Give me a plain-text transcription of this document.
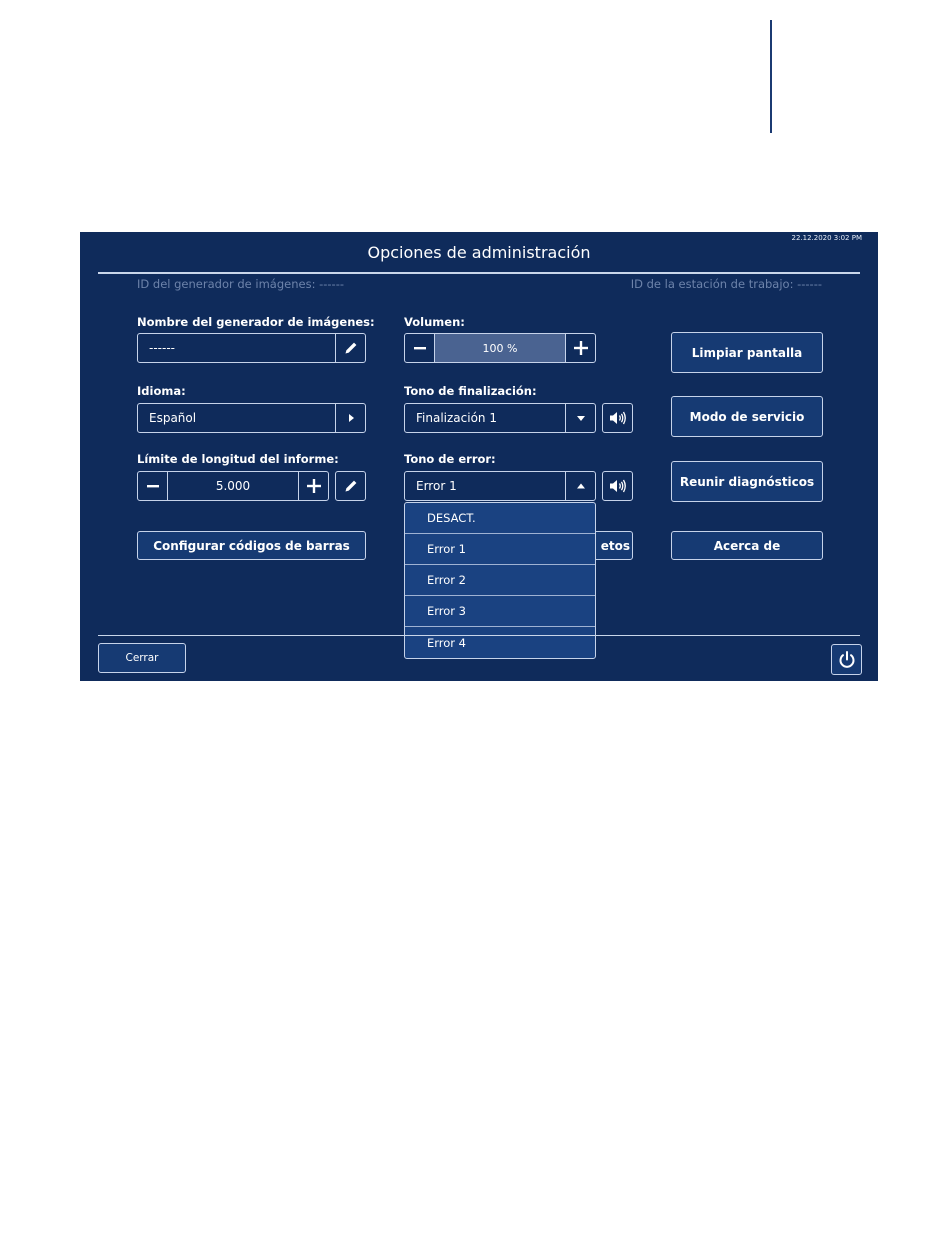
22.12.2020 3:02 PM
Opciones de administración
ID del generador de imágenes: ------	ID de la estación de trabajo: ------
Nombre del generador de imágenes:
------
Idioma:
Español
Límite de longitud del informe:
5.000
Configurar códigos de barras
Volumen:
100 %
Tono de finalización:
Finalización 1
Tono de error:
Error 1
etos
Limpiar pantalla
Modo de servicio
Reunir diagnósticos
Acerca de
DESACT.
Error 1
Error 2
Error 3
Error 4
Cerrar
